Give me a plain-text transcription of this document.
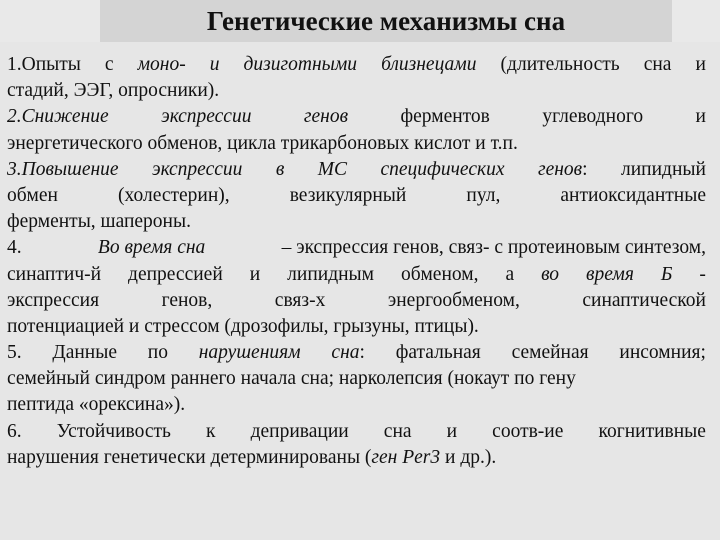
Генетические механизмы сна
1.Опыты с моно- и дизиготными близнецами (длительность сна и
стадий, ЭЭГ, опросники).
2.Снижение	экспрессии	генов	ферментов	углеводного	и
энергетического обменов, цикла трикарбоновых кислот и т.п.
3.Повышение экспрессии в МС специфических генов: липидный
обмен	(холестерин),	везикулярный	пул,	антиоксидантные
ферменты, шапероны.
4.	Во время сна	– экспрессия генов, связ- с протеиновым синтезом,
синаптич-й депрессией и липидным обменом, а во время Б -
экспрессия	генов,	связ-х	энергообменом,	синаптической
потенциацией и стрессом (дрозофилы, грызуны, птицы).
5. Данные по нарушениям сна: фатальная семейная инсомния;
семейный синдром раннего начала сна; нарколепсия (нокаут по гену
пептида «орексина»).
6. Устойчивость к депривации сна и соотв-ие когнитивные
нарушения генетически детерминированы (ген Per3 и др.).
